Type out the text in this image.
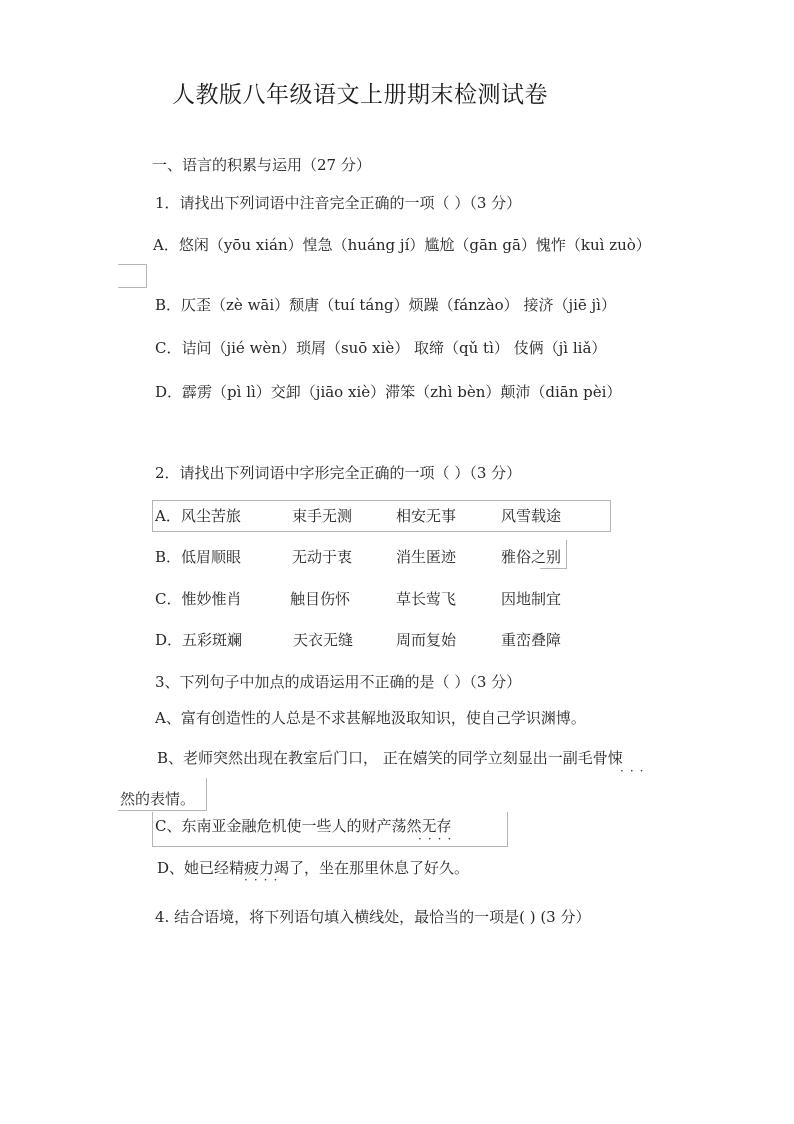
人教版八年级语文上册期末检测试卷
一、语言的积累与运用（27 分）
1．请找出下列词语中注音完全正确的一项（ ）（3 分）
A．悠闲（yōu xián）惶急（huáng jí）尴尬（gān gā）愧怍（kuì zuò）
B．仄歪（zè wāi）颓唐（tuí táng）烦躁（fánzào） 接济（jiē jì）
C．诘问（jié wèn）琐屑（suō xiè） 取缔（qǔ tì） 伎俩（jì liǎ）
D．霹雳（pì lì）交卸（jiāo xiè）滞笨（zhì bèn）颠沛（diān pèi）
2．请找出下列词语中字形完全正确的一项（ ）（3 分）
A．风尘苦旅	束手无测	相安无事	风雪载途
B．低眉顺眼	无动于衷	消生匿迹	雅俗之别
C．惟妙惟肖	触目伤怀	草长莺飞	因地制宜
D．五彩斑斓	天衣无缝	周而复始	重峦叠障
3、下列句子中加点的成语运用不正确的是（ ）（3 分）
A、富有创造性的人总是不求甚解地汲取知识，使自己学识渊博。
B、老师突然出现在教室后门口， 正在嬉笑的同学立刻显出一副毛骨悚
···
然的表情。
C、东南亚金融危机使一些人的财产荡然无存
····
D、她已经精疲力竭了，坐在那里休息了好久。
····
4. 结合语境，将下列语句填入横线处，最恰当的一项是( ) (3 分）
